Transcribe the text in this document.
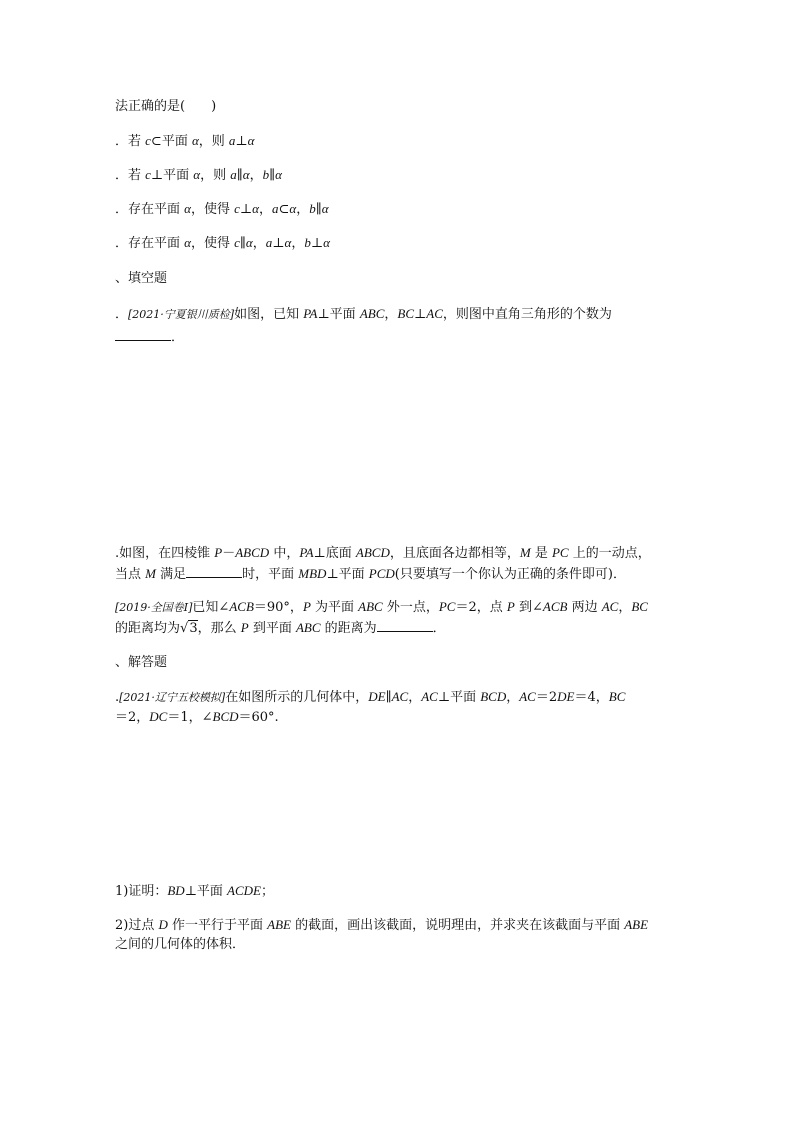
法正确的是(　　)
．若 c⊂平面 α，则 a⊥α
．若 c⊥平面 α，则 a∥α，b∥α
．存在平面 α，使得 c⊥α，a⊂α，b∥α
．存在平面 α，使得 c∥α，a⊥α，b⊥α
、填空题
．[2021·宁夏银川质检]如图，已知 PA⊥平面 ABC，BC⊥AC，则图中直角三角形的个数为
．
.如图，在四棱锥 P－ABCD 中，PA⊥底面 ABCD，且底面各边都相等，M 是 PC 上的一动点，
当点 M 满足	时，平面 MBD⊥平面 PCD(只要填写一个你认为正确的条件即可)．
[2019·全国卷Ⅰ]已知∠ACB＝90°，P 为平面 ABC 外一点，PC＝2，点 P 到∠ACB 两边 AC，BC
的距离均为√3，那么 P 到平面 ABC 的距离为	．
、解答题
.[2021·辽宁五校模拟]在如图所示的几何体中，DE∥AC，AC⊥平面 BCD，AC＝2DE＝4，BC
＝2，DC＝1，∠BCD＝60°.
1)证明：BD⊥平面 ACDE；
2)过点 D 作一平行于平面 ABE 的截面，画出该截面，说明理由，并求夹在该截面与平面 ABE
之间的几何体的体积．
